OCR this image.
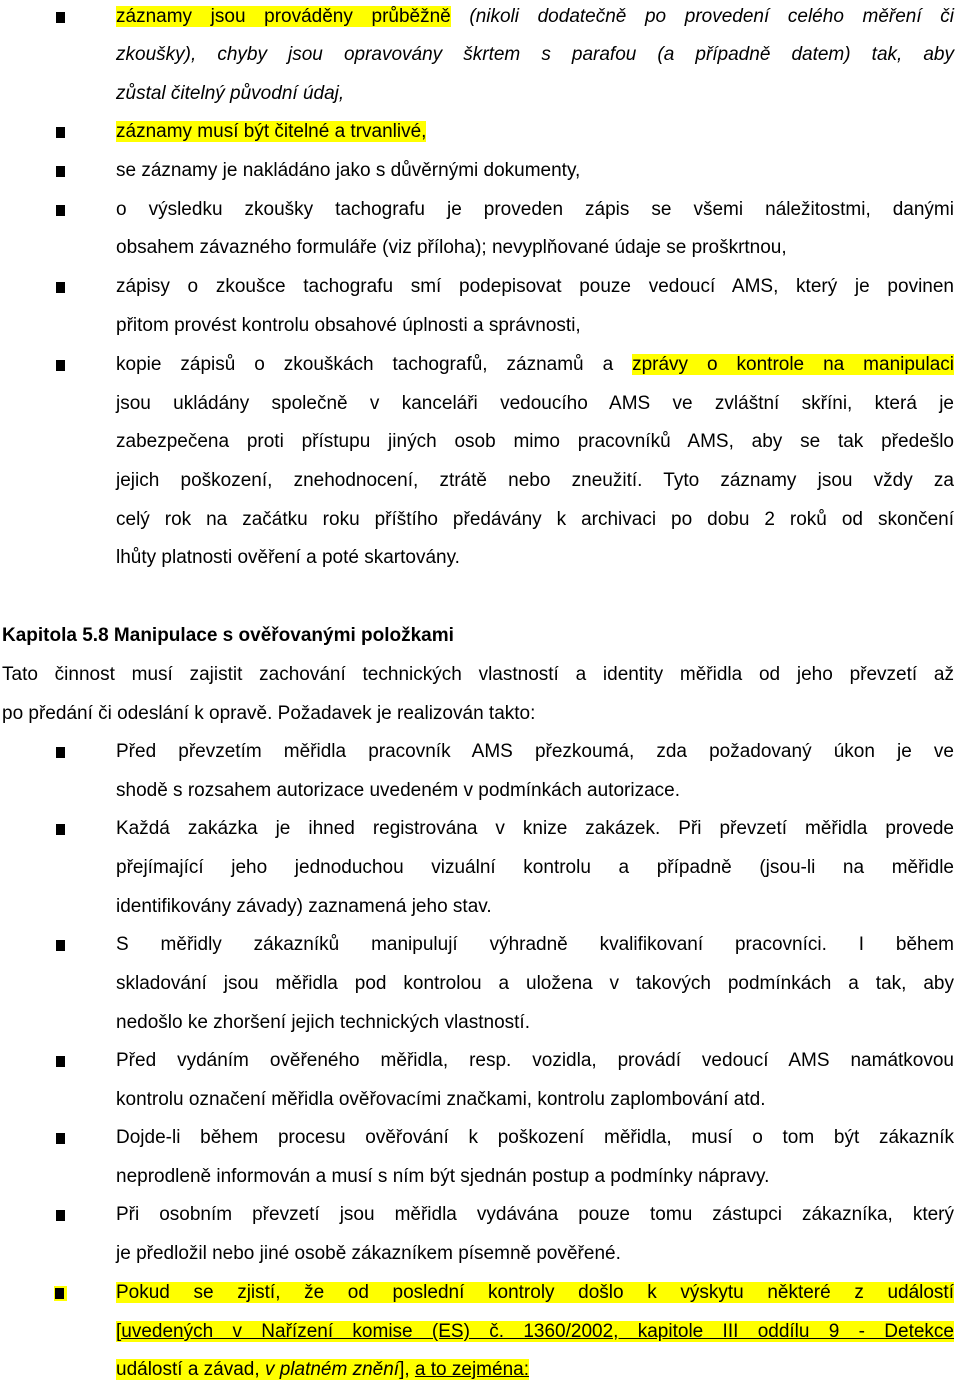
záznamy jsou prováděny průběžně (nikoli dodatečně po provedení celého měření či
zkoušky), chyby jsou opravovány škrtem s parafou (a případně datem) tak, aby
zůstal čitelný původní údaj,
záznamy musí být čitelné a trvanlivé,
se záznamy je nakládáno jako s důvěrnými dokumenty,
o výsledku zkoušky tachografu je proveden zápis se všemi náležitostmi, danými
obsahem závazného formuláře (viz příloha); nevyplňované údaje se proškrtnou,
zápisy o zkoušce tachografu smí podepisovat pouze vedoucí AMS, který je povinen
přitom provést kontrolu obsahové úplnosti a správnosti,
kopie zápisů o zkouškách tachografů, záznamů a zprávy o kontrole na manipulaci
jsou ukládány společně v kanceláři vedoucího AMS ve zvláštní skříni, která je
zabezpečena proti přístupu jiných osob mimo pracovníků AMS, aby se tak předešlo
jejich poškození, znehodnocení, ztrátě nebo zneužití. Tyto záznamy jsou vždy za
celý rok na začátku roku příštího předávány k archivaci po dobu 2 roků od skončení
lhůty platnosti ověření a poté skartovány.
Kapitola 5.8 Manipulace s ověřovanými položkami
Tato činnost musí zajistit zachování technických vlastností a identity měřidla od jeho převzetí až
po předání či odeslání k opravě. Požadavek je realizován takto:
Před převzetím měřidla pracovník AMS přezkoumá, zda požadovaný úkon je ve
shodě s rozsahem autorizace uvedeném v podmínkách autorizace.
Každá zakázka je ihned registrována v knize zakázek. Při převzetí měřidla provede
přejímající jeho jednoduchou vizuální kontrolu a případně (jsou-li na měřidle
identifikovány závady) zaznamená jeho stav.
S měřidly zákazníků manipulují výhradně kvalifikovaní pracovníci. I během
skladování jsou měřidla pod kontrolou a uložena v takových podmínkách a tak, aby
nedošlo ke zhoršení jejich technických vlastností.
Před vydáním ověřeného měřidla, resp. vozidla, provádí vedoucí AMS namátkovou
kontrolu označení měřidla ověřovacími značkami, kontrolu zaplombování atd.
Dojde-li během procesu ověřování k poškození měřidla, musí o tom být zákazník
neprodleně informován a musí s ním být sjednán postup a podmínky nápravy.
Při osobním převzetí jsou měřidla vydávána pouze tomu zástupci zákazníka, který
je předložil nebo jiné osobě zákazníkem písemně pověřené.
Pokud se zjistí, že od poslední kontroly došlo k výskytu některé z událostí
[uvedených v Nařízení komise (ES) č. 1360/2002, kapitole III oddílu 9 - Detekce
událostí a závad, v platném znění], a to zejména:
